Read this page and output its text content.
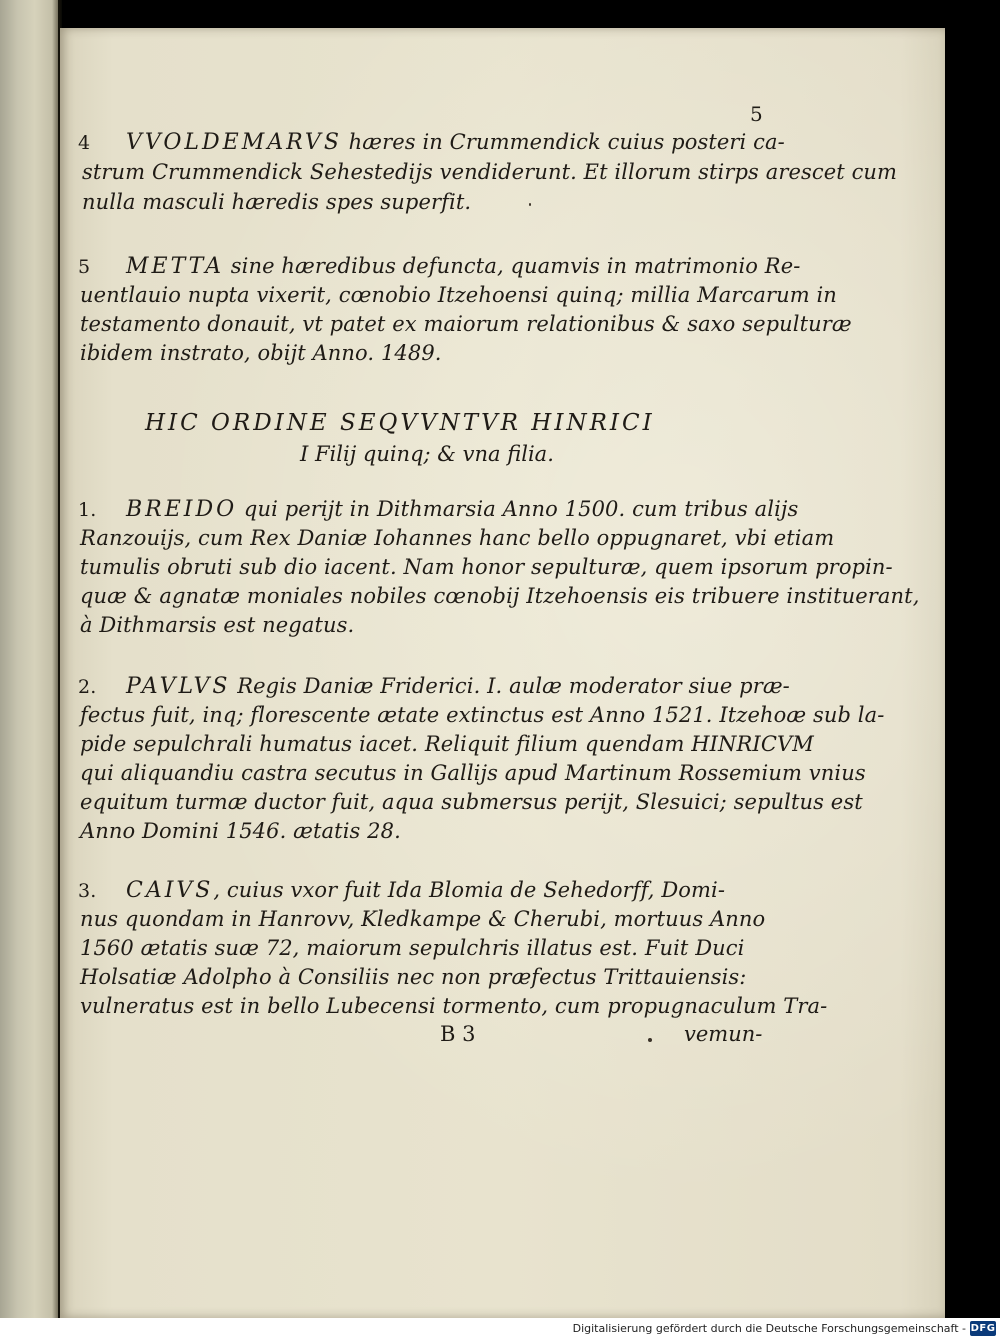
5

4 VVOLDEMARVS hæres in Crummendick cuius posteri ca-

strum Crummendick Sehestedijs vendiderunt. Et illorum stirps arescet cum

nulla masculi hæredis spes superfit.

5 METTA sine hæredibus defuncta, quamvis in matrimonio Re-

uentlauio nupta vixerit, cœnobio Itzehoensi quinq; millia Marcarum in

testamento donauit, vt patet ex maiorum relationibus & saxo sepulturæ

ibidem instrato, obijt Anno. 1489.

HIC ORDINE SEQVVNTVR HINRICI

I Filij quinq; & vna filia.

1. BREIDO qui perijt in Dithmarsia Anno 1500. cum tribus alijs

Ranzouijs, cum Rex Daniæ Iohannes hanc bello oppugnaret, vbi etiam

tumulis obruti sub dio iacent. Nam honor sepulturæ, quem ipsorum propin-

quæ & agnatæ moniales nobiles cœnobij Itzehoensis eis tribuere instituerant,

à Dithmarsis est negatus.

2. PAVLVS Regis Daniæ Friderici. I. aulæ moderator siue præ-

fectus fuit, inq; florescente ætate extinctus est Anno 1521. Itzehoæ sub la-

pide sepulchrali humatus iacet. Reliquit filium quendam HINRICVM

qui aliquandiu castra secutus in Gallijs apud Martinum Rossemium vnius

equitum turmæ ductor fuit, aqua submersus perijt, Slesuici; sepultus est

Anno Domini 1546. ætatis 28.

3. CAIVS, cuius vxor fuit Ida Blomia de Sehedorff, Domi-

nus quondam in Hanrovv, Kledkampe & Cherubi, mortuus Anno

1560 ætatis suæ 72, maiorum sepulchris illatus est. Fuit Duci

Holsatiæ Adolpho à Consiliis nec non præfectus Trittauiensis:

vulneratus est in bello Lubecensi tormento, cum propugnaculum Tra-

B 3	vemun-

Digitalisierung gefördert durch die Deutsche Forschungsgemeinschaft - DFG
